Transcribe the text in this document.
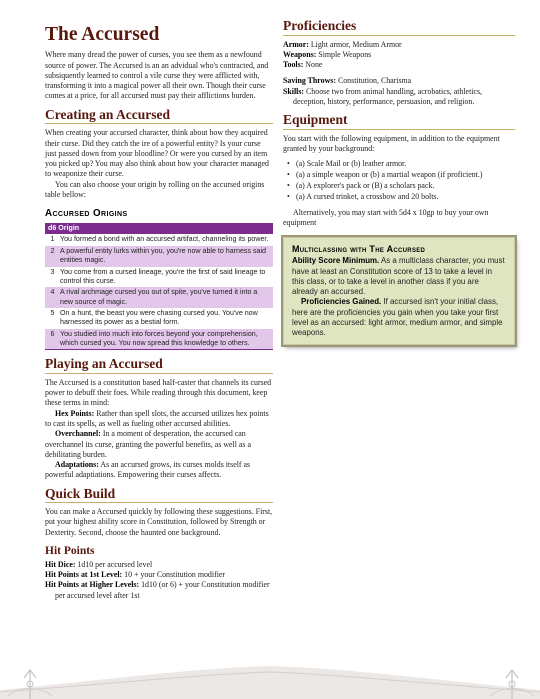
The Accursed

Where many dread the power of curses, you see them as a newfound source of power. The Accursed is an an advidual who's contracted, and subsiquently learned to control a vile curse they were afflicted with, transforming it into a magical power all their own. Though their curse comes at a price, for all accursed must pay their afflictions burden.

Creating an Accursed

When creating your accursed character, think about how they acquired their curse. Did they catch the ire of a powerful entity? Is your curse just passed down from your bloodline? Or were you cursed by an item you picked up? You may also think about how your character managed to weaponize their curse.

You can also choose your origin by rolling on the accursed origins table bellow:

Accursed Origins
d6 Origin	
1	You formed a bond with an accursed artifact, channeling its power.
2	A powerful entity lurks within you, you're now able to harness said entities magic.
3	You come from a cursed lineage, you're the first of said lineage to control this curse.
4	A rival archmage cursed you out of spite, you've turned it into a new source of magic.
5	On a hunt, the beast you were chasing cursed you. You've now harnessed its power as a bestial form.
6	You studied into much into forces beyond your comprehension, which cursed you. You now spread this knowledge to others.
Playing an Accursed

The Accursed is a constitution based half-caster that channels its cursed power to debuff their foes. While reading through this document, keep these terms in mind:

Hex Points: Rather than spell slots, the accursed utilizes hex points to cast its spells, as well as fueling other accursed abilities.

Overchannel: In a moment of desperation, the accursed can overchannel its curse, granting the powerful benefits, as well as a debilitating burden.

Adaptations: As an accursed grows, its curses molds itself as powerful adaptiations. Empowering their curses affects.

Quick Build

You can make a Accursed quickly by following these suggestions. First, put your highest ability score in Constitution, followed by Strength or Dexterity. Second, choose the haunted one background.

Hit Points
Hit Dice: 1d10 per accursed level
Hit Points at 1st Level: 10 + your Constitution modifier
Hit Points at Higher Levels: 1d10 (or 6) + your Constitution modifier per accursed level after 1st
Proficiencies
Armor: Light armor, Medium Armor
Weapons: Simple Weapons
Tools: None
Saving Throws: Constitution, Charisma
Skills: Choose two from animal handling, acrobatics, athletics, deception, history, performance, persuasion, and religion.
Equipment

You start with the following equipment, in addition to the equipment granted by your background:

• (a) Scale Mail or (b) leather armor.
• (a) a simple weapon or (b) a martial weapon (if proficient.)
• (a) A explorer's pack or (B) a scholars pack.
• (a) A cursed trinket, a crossbow and 20 bolts.

Alternatively, you may start with 5d4 x 10gp to buy your own equipment

Multiclassing with The Accursed

Ability Score Minimum. As a multiclass character, you must have at least an Constitution score of 13 to take a level in this class, or to take a level in another class if you are already an accursed.

Proficiencies Gained. If accursed isn't your initial class, here are the proficiencies you gain when you take your first level as an accursed: light armor, medium armor, and simple weapons.
